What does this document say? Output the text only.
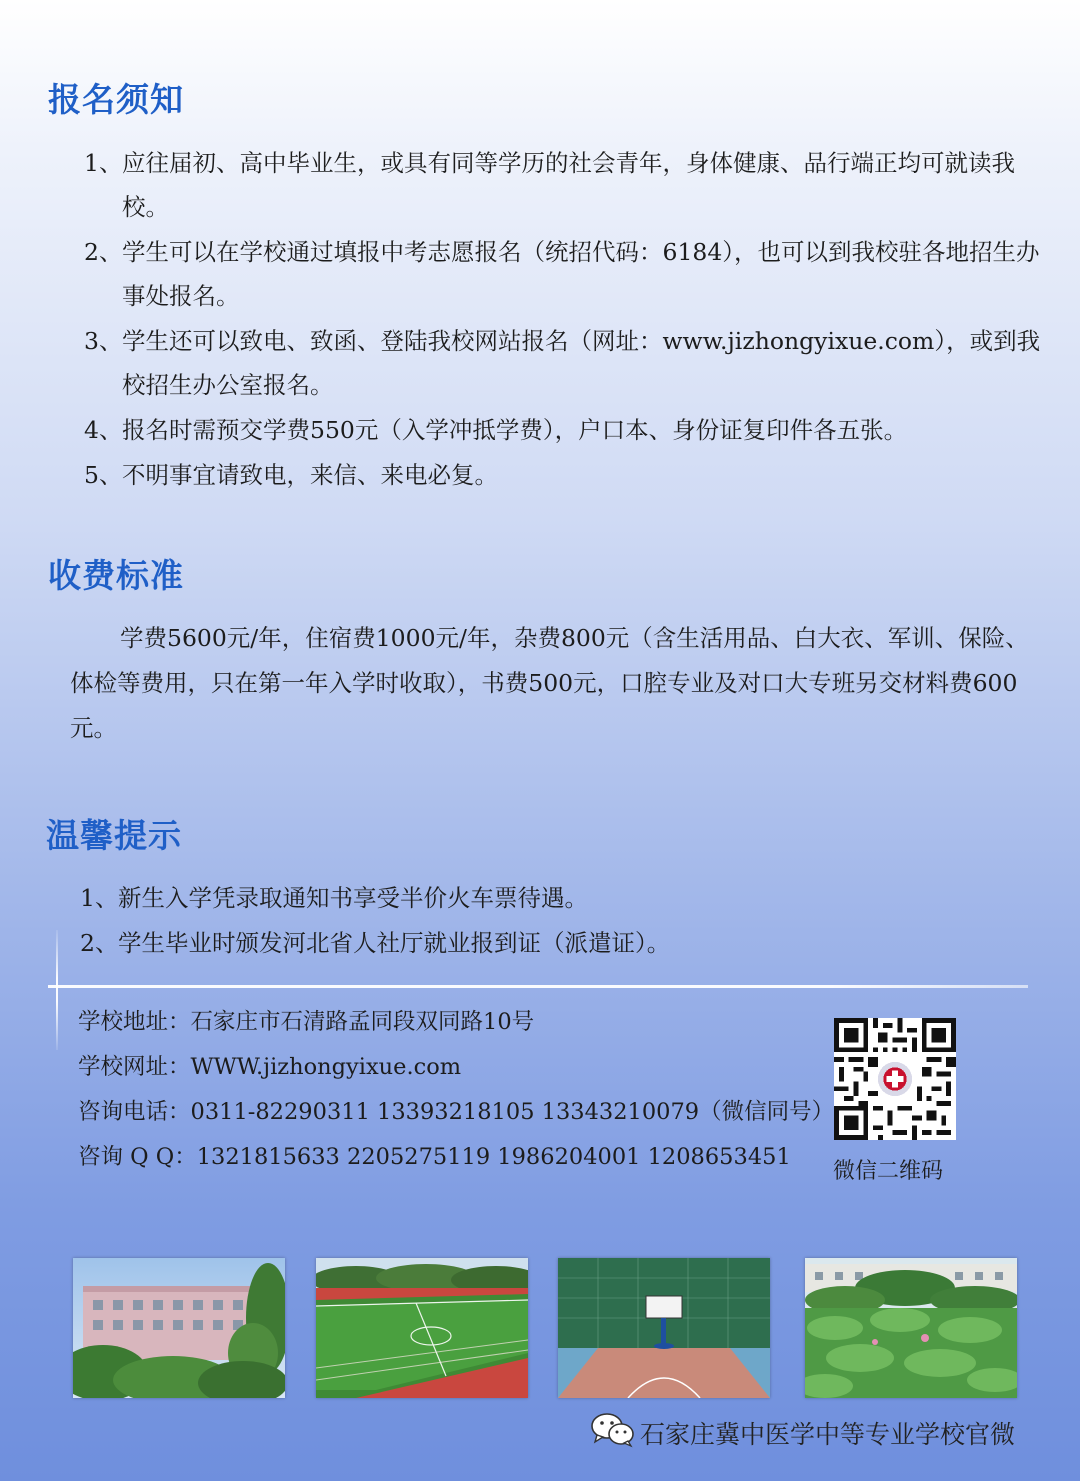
报名须知
1、 应往届初、高中毕业生，或具有同等学历的社会青年，身体健康、品行端正均可就读我校。
2、 学生可以在学校通过填报中考志愿报名（统招代码：6184），也可以到我校驻各地招生办事处报名。
3、 学生还可以致电、致函、登陆我校网站报名（网址：www.jizhongyixue.com），或到我校招生办公室报名。
4、 报名时需预交学费550元（入学冲抵学费），户口本、身份证复印件各五张。
5、 不明事宜请致电，来信、来电必复。
收费标准
学费5600元/年，住宿费1000元/年，杂费800元（含生活用品、白大衣、军训、保险、体检等费用，只在第一年入学时收取），书费500元，口腔专业及对口大专班另交材料费600元。
温馨提示
1、 新生入学凭录取通知书享受半价火车票待遇。
2、 学生毕业时颁发河北省人社厅就业报到证（派遣证）。
学校地址：石家庄市石清路孟同段双同路10号
学校网址：WWW.jizhongyixue.com
咨询电话：0311-82290311 13393218105 13343210079（微信同号）
咨询 Q Q：1321815633 2205275119 1986204001 1208653451
微信二维码
石家庄冀中医学中等专业学校官微
